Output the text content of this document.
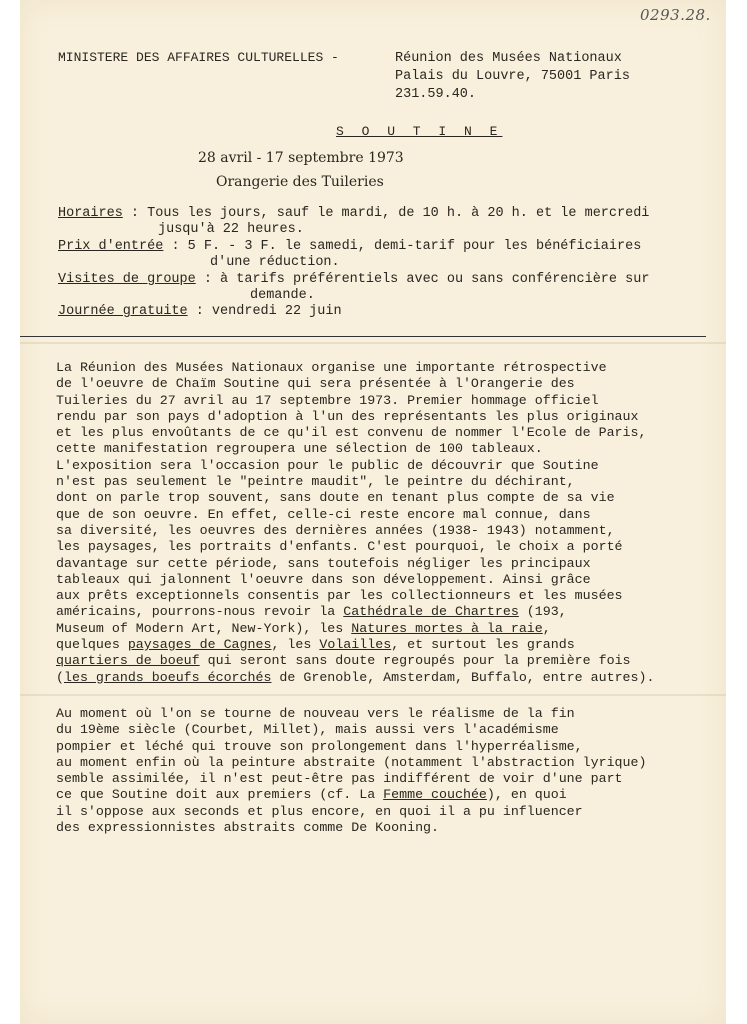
0293.28.
MINISTERE DES AFFAIRES CULTURELLES -	Réunion des Musées Nationaux
Palais du Louvre, 75001 Paris
231.59.40.
S O U T I N E
28 avril - 17 septembre 1973
Orangerie des Tuileries
Horaires : Tous les jours, sauf le mardi, de 10 h. à 20 h. et le mercredi
jusqu'à 22 heures.
Prix d'entrée : 5 F. - 3 F. le samedi, demi-tarif pour les bénéficiaires
d'une réduction.
Visites de groupe : à tarifs préférentiels avec ou sans conférencière sur
demande.
Journée gratuite : vendredi 22 juin
La Réunion des Musées Nationaux organise une importante rétrospective
de l'oeuvre de Chaïm Soutine qui sera présentée à l'Orangerie des
Tuileries du 27 avril au 17 septembre 1973. Premier hommage officiel
rendu par son pays d'adoption à l'un des représentants les plus originaux
et les plus envoûtants de ce qu'il est convenu de nommer l'Ecole de Paris,
cette manifestation regroupera une sélection de 100 tableaux.
L'exposition sera l'occasion pour le public de découvrir que Soutine
n'est pas seulement le "peintre maudit", le peintre du déchirant,
dont on parle trop souvent, sans doute en tenant plus compte de sa vie
que de son oeuvre. En effet, celle-ci reste encore mal connue, dans
sa diversité, les oeuvres des dernières années (1938- 1943) notamment,
les paysages, les portraits d'enfants. C'est pourquoi, le choix a porté
davantage sur cette période, sans toutefois négliger les principaux
tableaux qui jalonnent l'oeuvre dans son développement. Ainsi grâce
aux prêts exceptionnels consentis par les collectionneurs et les musées
américains, pourrons-nous revoir la Cathédrale de Chartres (193,
Museum of Modern Art, New-York), les Natures mortes à la raie,
quelques paysages de Cagnes, les Volailles, et surtout les grands
quartiers de boeuf qui seront sans doute regroupés pour la première fois
(les grands boeufs écorchés de Grenoble, Amsterdam, Buffalo, entre autres).
Au moment où l'on se tourne de nouveau vers le réalisme de la fin
du 19ème siècle (Courbet, Millet), mais aussi vers l'académisme
pompier et léché qui trouve son prolongement dans l'hyperréalisme,
au moment enfin où la peinture abstraite (notamment l'abstraction lyrique)
semble assimilée, il n'est peut-être pas indifférent de voir d'une part
ce que Soutine doit aux premiers (cf. La Femme couchée), en quoi
il s'oppose aux seconds et plus encore, en quoi il a pu influencer
des expressionnistes abstraits comme De Kooning.
